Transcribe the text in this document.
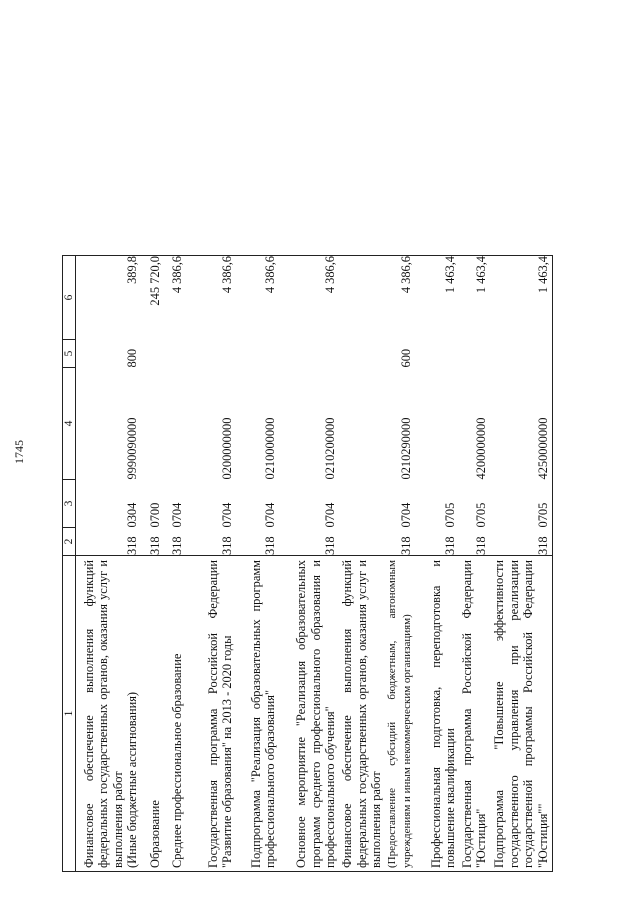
1745
1	2	3	4	5	6
Финансовое обеспечение выполнения функций федеральных государственных органов, оказания услуг и выполнения работ
(Иные бюджетные ассигнования)	318	0304	9990090000	800	389,8
Образование	318	0700			245 720,0
Среднее профессиональное образование	318	0704			4 386,6
Государственная программа Российской Федерации "Развитие образования" на 2013 - 2020 годы	318	0704	0200000000		4 386,6
Подпрограмма "Реализация образовательных программ профессионального образования"	318	0704	0210000000		4 386,6
Основное мероприятие "Реализация образовательных программ среднего профессионального образования и профессионального обучения"	318	0704	0210200000		4 386,6
Финансовое обеспечение выполнения функций федеральных государственных органов, оказания услуг и выполнения работ (Предоставление субсидий бюджетным, автономным учреждениям и иным некоммерческим организациям)	318	0704	0210290000	600	4 386,6
Профессиональная подготовка, переподготовка и повышение квалификации	318	0705			1 463,4
Государственная программа Российской Федерации "Юстиция"	318	0705	4200000000		1 463,4
Подпрограмма "Повышение эффективности государственного управления при реализации государственной программы Российской Федерации "Юстиция""	318	0705	4250000000		1 463,4
